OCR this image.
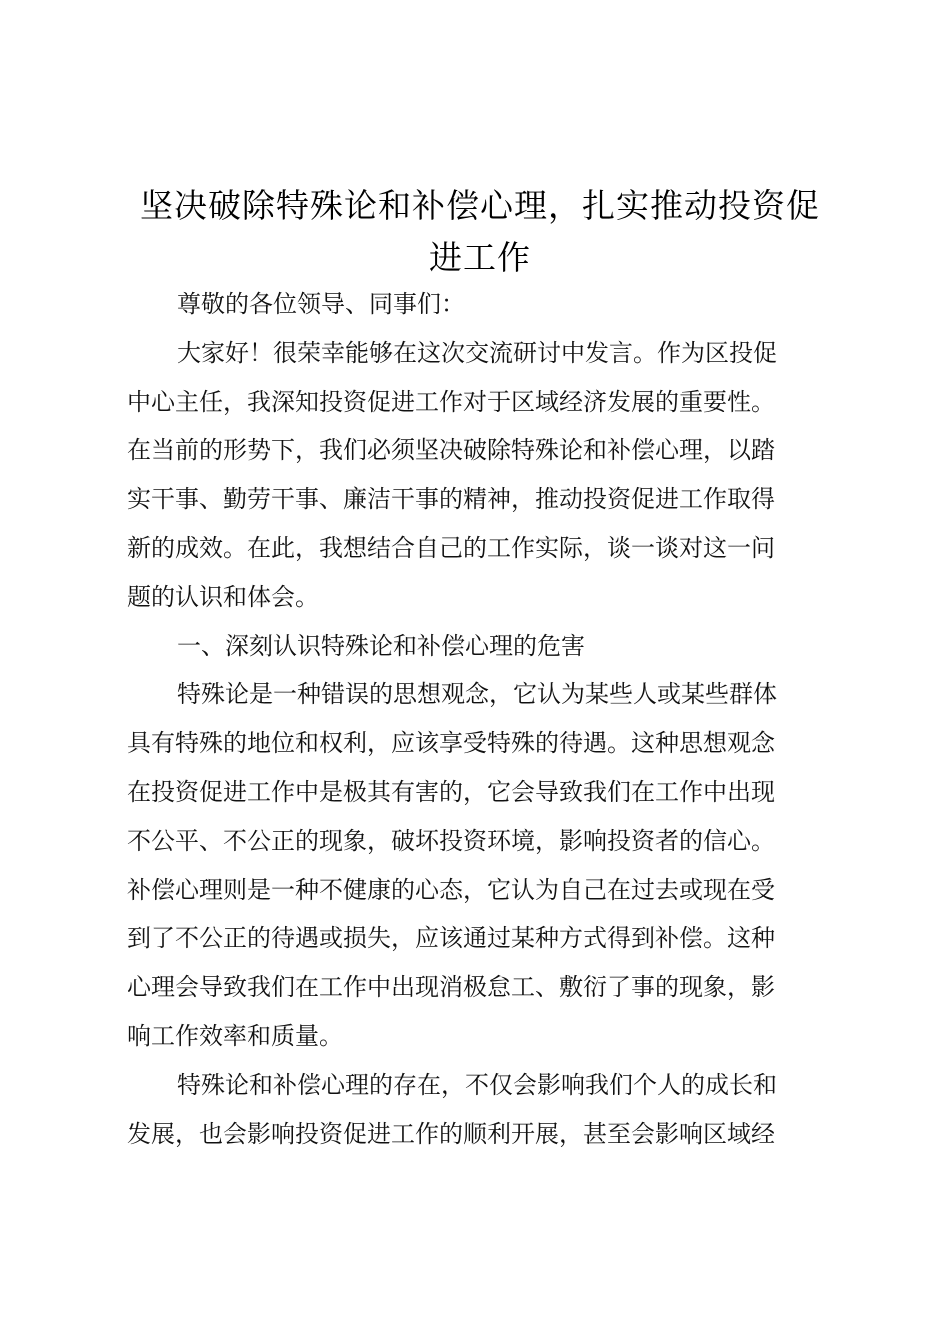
坚决破除特殊论和补偿心理，扎实推动投资促
进工作
尊敬的各位领导、同事们：
大家好！很荣幸能够在这次交流研讨中发言。作为区投促
中心主任，我深知投资促进工作对于区域经济发展的重要性。
在当前的形势下，我们必须坚决破除特殊论和补偿心理，以踏
实干事、勤劳干事、廉洁干事的精神，推动投资促进工作取得
新的成效。在此，我想结合自己的工作实际，谈一谈对这一问
题的认识和体会。
一、深刻认识特殊论和补偿心理的危害
特殊论是一种错误的思想观念，它认为某些人或某些群体
具有特殊的地位和权利，应该享受特殊的待遇。这种思想观念
在投资促进工作中是极其有害的，它会导致我们在工作中出现
不公平、不公正的现象，破坏投资环境，影响投资者的信心。
补偿心理则是一种不健康的心态，它认为自己在过去或现在受
到了不公正的待遇或损失，应该通过某种方式得到补偿。这种
心理会导致我们在工作中出现消极怠工、敷衍了事的现象，影
响工作效率和质量。
特殊论和补偿心理的存在，不仅会影响我们个人的成长和
发展，也会影响投资促进工作的顺利开展，甚至会影响区域经
